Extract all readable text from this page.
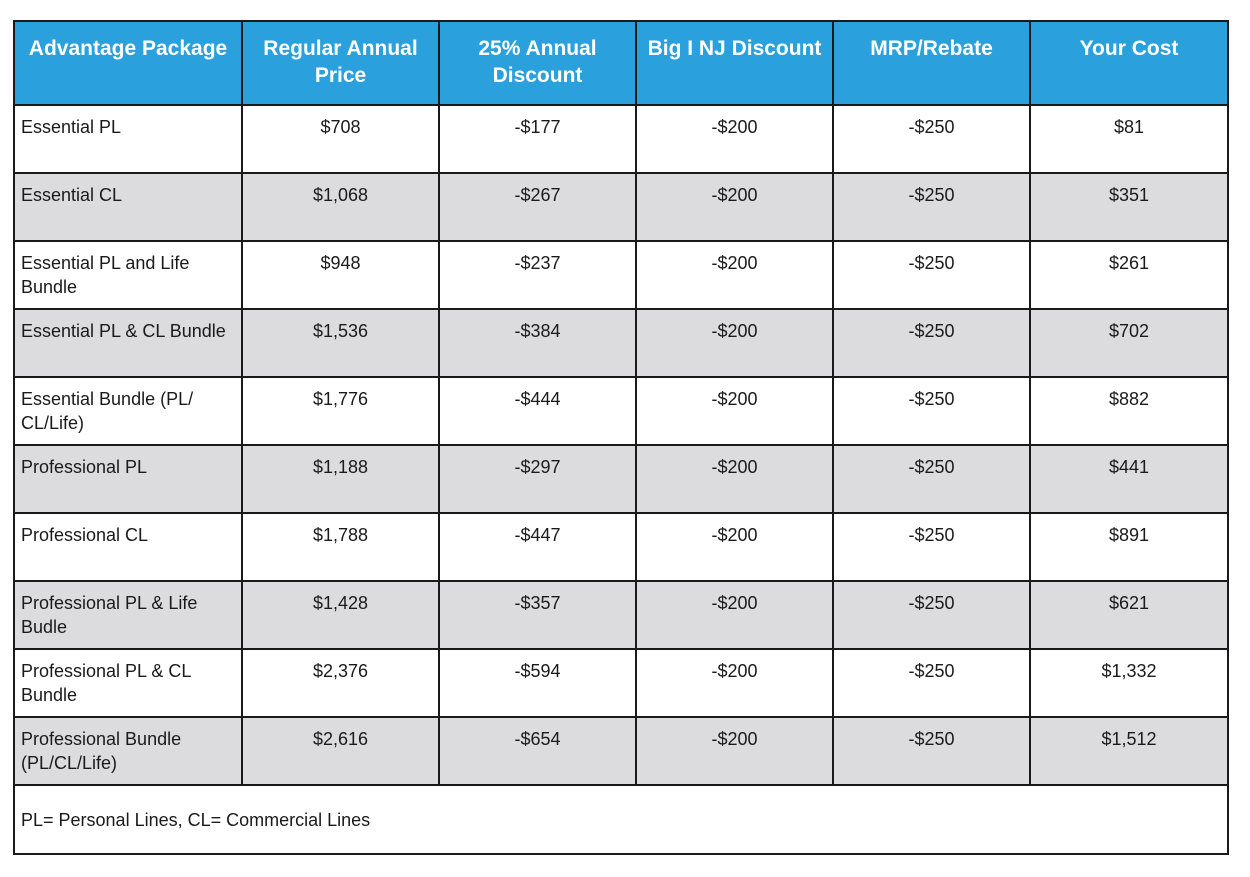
Advantage Package	Regular Annual Price	25% Annual Discount	Big I NJ Discount	MRP/Rebate	Your Cost
Essential PL	$708	-$177	-$200	-$250	$81
Essential CL	$1,068	-$267	-$200	-$250	$351
Essential PL and Life Bundle	$948	-$237	-$200	-$250	$261
Essential PL & CL Bundle	$1,536	-$384	-$200	-$250	$702
Essential Bundle (PL/ CL/Life)	$1,776	-$444	-$200	-$250	$882
Professional PL	$1,188	-$297	-$200	-$250	$441
Professional CL	$1,788	-$447	-$200	-$250	$891
Professional PL & Life Budle	$1,428	-$357	-$200	-$250	$621
Professional PL & CL Bundle	$2,376	-$594	-$200	-$250	$1,332
Professional Bundle (PL/CL/Life)	$2,616	-$654	-$200	-$250	$1,512
PL= Personal Lines, CL= Commercial Lines					
